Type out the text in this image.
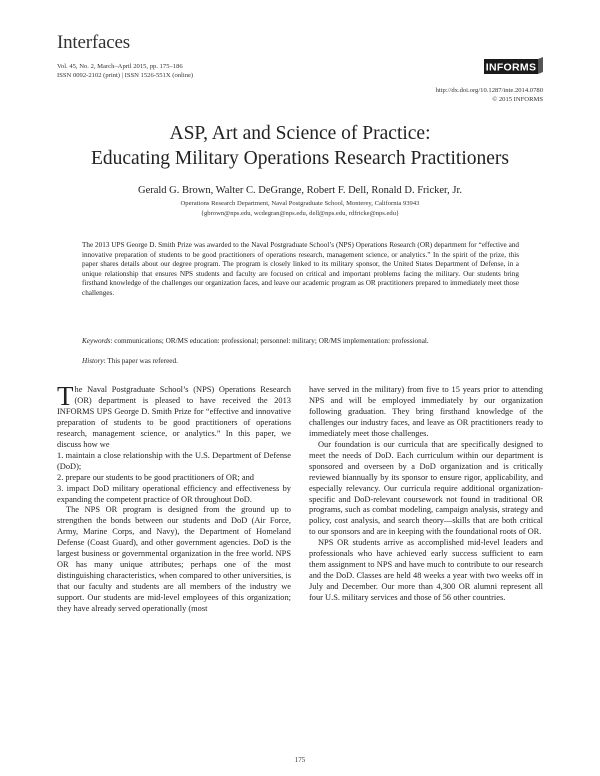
Interfaces
Vol. 45, No. 2, March–April 2015, pp. 175–186
ISSN 0092-2102 (print) | ISSN 1526-551X (online)
INFORMS
http://dx.doi.org/10.1287/inte.2014.0780
© 2015 INFORMS
ASP, Art and Science of Practice:
Educating Military Operations Research Practitioners
Gerald G. Brown, Walter C. DeGrange, Robert F. Dell, Ronald D. Fricker, Jr.
Operations Research Department, Naval Postgraduate School, Monterey, California 93943
{gbrown@nps.edu, wcdegran@nps.edu, dell@nps.edu, rdfricke@nps.edu}
The 2013 UPS George D. Smith Prize was awarded to the Naval Postgraduate School’s (NPS) Operations Research (OR) department for “effective and innovative preparation of students to be good practitioners of operations research, management science, or analytics.” In the spirit of the prize, this paper shares details about our degree program. The program is closely linked to its military sponsor, the United States Department of Defense, in a unique relationship that ensures NPS students and faculty are focused on critical and important problems facing the military. Our students bring firsthand knowledge of the challenges our organization faces, and leave our academic program as OR practitioners prepared to immediately meet those challenges.
Keywords: communications; OR/MS education: professional; personnel: military; OR/MS implementation: professional.
History: This paper was refereed.

The Naval Postgraduate School’s (NPS) Operations Research (OR) department is pleased to have received the 2013 INFORMS UPS George D. Smith Prize for “effective and innovative preparation of students to be good practitioners of operations research, management science, or analytics.” In this paper, we discuss how we

1. maintain a close relationship with the U.S. Department of Defense (DoD);

2. prepare our students to be good practitioners of OR; and

3. impact DoD military operational efficiency and effectiveness by expanding the competent practice of OR throughout DoD.

The NPS OR program is designed from the ground up to strengthen the bonds between our students and DoD (Air Force, Army, Marine Corps, and Navy), the Department of Homeland Defense (Coast Guard), and other government agencies. DoD is the largest business or governmental organization in the free world. NPS OR has many unique attributes; perhaps one of the most distinguishing characteristics, when compared to other universities, is that our faculty and students are all members of the industry we support. Our students are mid-level employees of this organization; they have already served operationally (most

have served in the military) from five to 15 years prior to attending NPS and will be employed immediately by our organization following graduation. They bring firsthand knowledge of the challenges our industry faces, and leave as OR practitioners ready to immediately meet those challenges.

Our foundation is our curricula that are specifically designed to meet the needs of DoD. Each curriculum within our department is sponsored and overseen by a DoD organization and is critically reviewed biannually by its sponsor to ensure rigor, applicability, and especially relevancy. Our curricula require additional organization-specific and DoD-relevant coursework not found in traditional OR programs, such as combat modeling, campaign analysis, strategy and policy, cost analysis, and search theory—skills that are both critical to our sponsors and are in keeping with the foundational roots of OR.

NPS OR students arrive as accomplished mid-level leaders and professionals who have achieved early success sufficient to earn them assignment to NPS and have much to contribute to our research and the DoD. Classes are held 48 weeks a year with two weeks off in July and December. Our more than 4,300 OR alumni represent all four U.S. military services and those of 56 other countries.

175
